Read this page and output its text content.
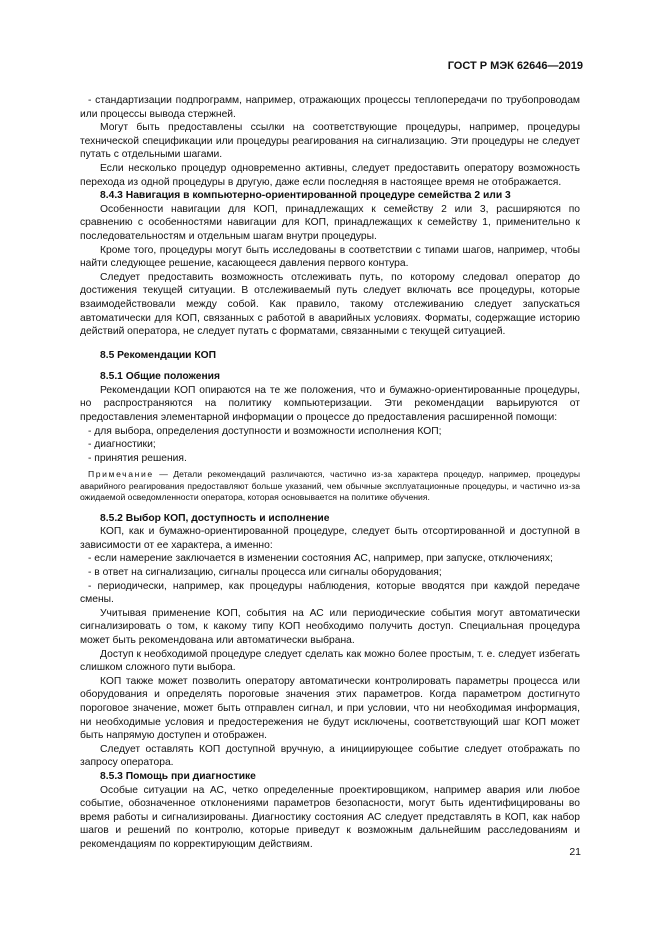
ГОСТ Р МЭК 62646—2019

- стандартизации подпрограмм, например, отражающих процессы теплопередачи по трубопроводам или процессы вывода стержней.

Могут быть предоставлены ссылки на соответствующие процедуры, например, процедуры технической спецификации или процедуры реагирования на сигнализацию. Эти процедуры не следует путать с отдельными шагами.

Если несколько процедур одновременно активны, следует предоставить оператору возможность перехода из одной процедуры в другую, даже если последняя в настоящее время не отображается.

8.4.3 Навигация в компьютерно-ориентированной процедуре семейства 2 или 3

Особенности навигации для КОП, принадлежащих к семейству 2 или 3, расширяются по сравнению с особенностями навигации для КОП, принадлежащих к семейству 1, применительно к последовательностям и отдельным шагам внутри процедуры.

Кроме того, процедуры могут быть исследованы в соответствии с типами шагов, например, чтобы найти следующее решение, касающееся давления первого контура.

Следует предоставить возможность отслеживать путь, по которому следовал оператор до достижения текущей ситуации. В отслеживаемый путь следует включать все процедуры, которые взаимодействовали между собой. Как правило, такому отслеживанию следует запускаться автоматически для КОП, связанных с работой в аварийных условиях. Форматы, содержащие историю действий оператора, не следует путать с форматами, связанными с текущей ситуацией.

8.5 Рекомендации КОП

8.5.1 Общие положения

Рекомендации КОП опираются на те же положения, что и бумажно-ориентированные процедуры, но распространяются на политику компьютеризации. Эти рекомендации варьируются от предоставления элементарной информации о процессе до предоставления расширенной помощи:

- для выбора, определения доступности и возможности исполнения КОП;

- диагностики;

- принятия решения.

Примечание — Детали рекомендаций различаются, частично из-за характера процедур, например, процедуры аварийного реагирования предоставляют больше указаний, чем обычные эксплуатационные процедуры, и частично из-за ожидаемой осведомленности оператора, которая основывается на политике обучения.

8.5.2 Выбор КОП, доступность и исполнение

КОП, как и бумажно-ориентированной процедуре, следует быть отсортированной и доступной в зависимости от ее характера, а именно:

- если намерение заключается в изменении состояния АС, например, при запуске, отключениях;

- в ответ на сигнализацию, сигналы процесса или сигналы оборудования;

- периодически, например, как процедуры наблюдения, которые вводятся при каждой передаче смены.

Учитывая применение КОП, события на АС или периодические события могут автоматически сигнализировать о том, к какому типу КОП необходимо получить доступ. Специальная процедура может быть рекомендована или автоматически выбрана.

Доступ к необходимой процедуре следует сделать как можно более простым, т. е. следует избегать слишком сложного пути выбора.

КОП также может позволить оператору автоматически контролировать параметры процесса или оборудования и определять пороговые значения этих параметров. Когда параметром достигнуто пороговое значение, может быть отправлен сигнал, и при условии, что ни необходимая информация, ни необходимые условия и предостережения не будут исключены, соответствующий шаг КОП может быть напрямую доступен и отображен.

Следует оставлять КОП доступной вручную, а инициирующее событие следует отображать по запросу оператора.

8.5.3 Помощь при диагностике

Особые ситуации на АС, четко определенные проектировщиком, например авария или любое событие, обозначенное отклонениями параметров безопасности, могут быть идентифицированы во время работы и сигнализированы. Диагностику состояния АС следует представлять в КОП, как набор шагов и решений по контролю, которые приведут к возможным дальнейшим расследованиям и рекомендациям по корректирующим действиям.

21
